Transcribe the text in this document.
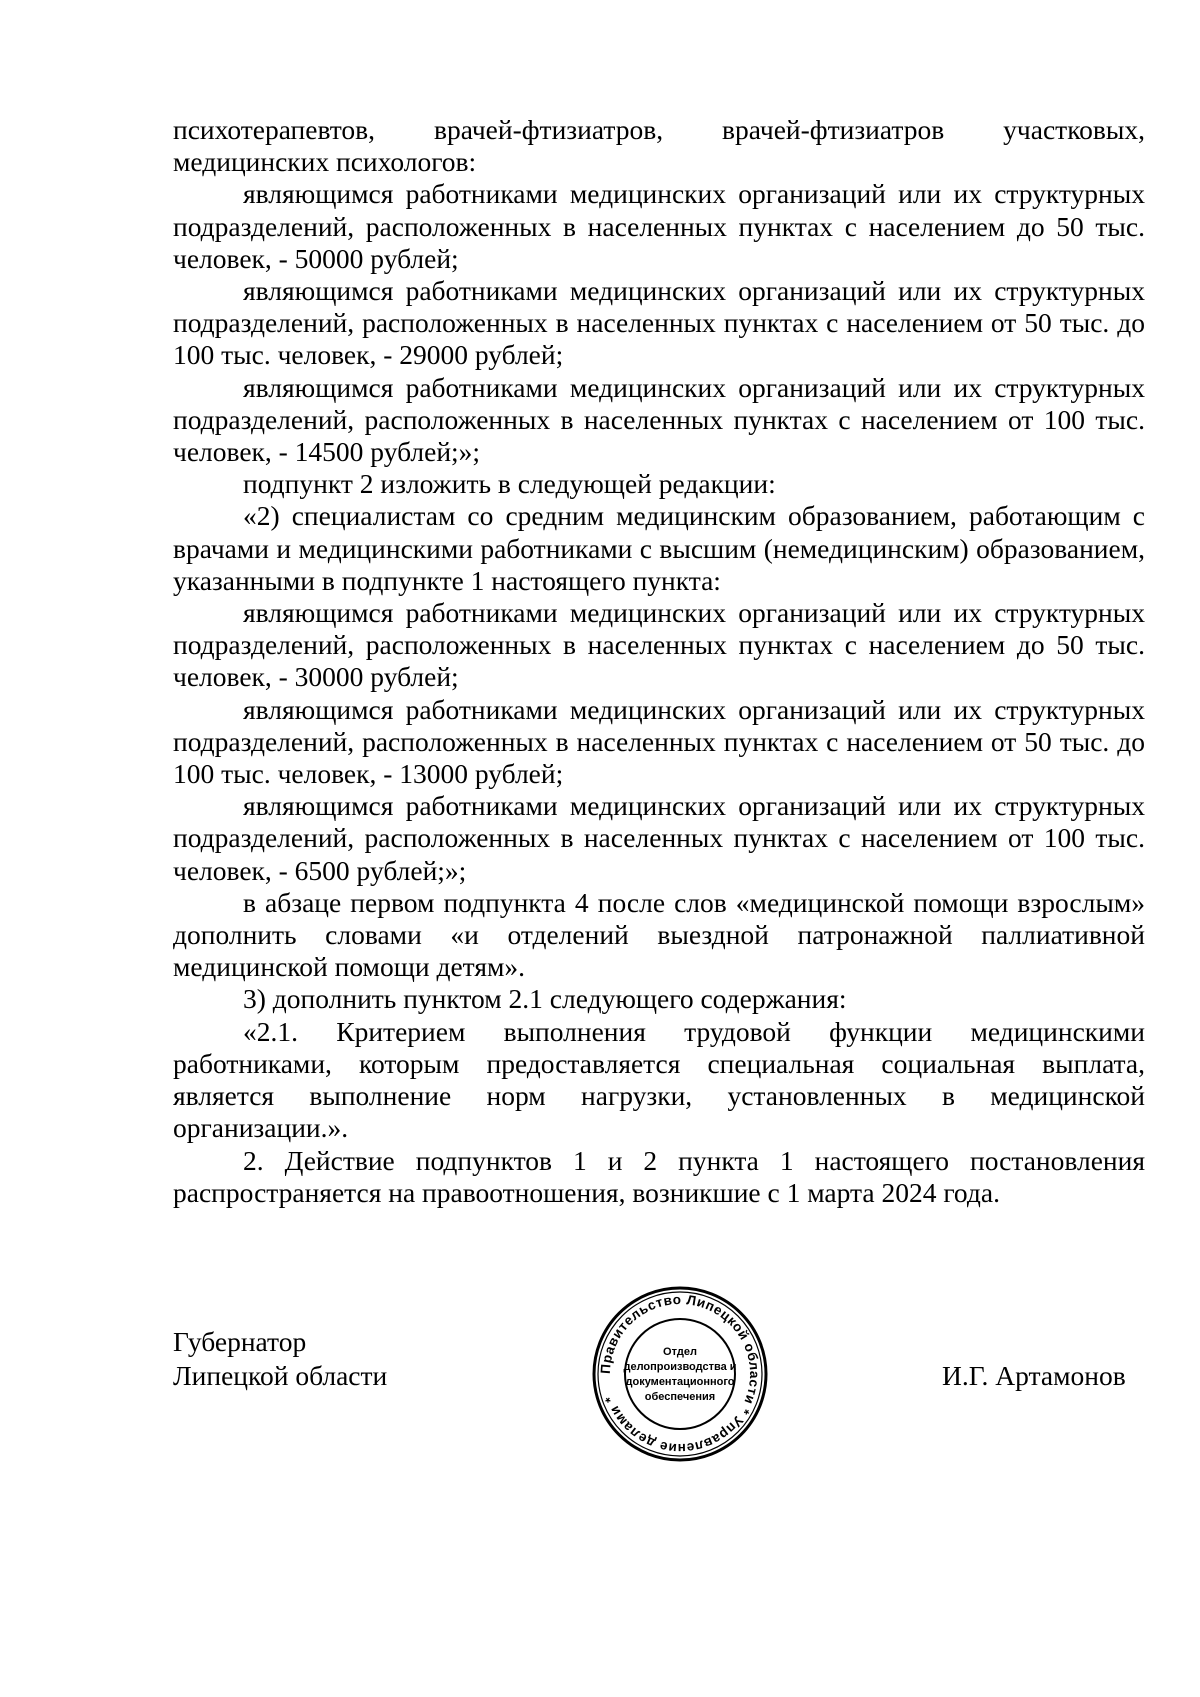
психотерапевтов, врачей-фтизиатров, врачей-фтизиатров участковых, медицинских психологов:

являющимся работниками медицинских организаций или их структурных подразделений, расположенных в населенных пунктах с населением до 50 тыс. человек, - 50000 рублей;

являющимся работниками медицинских организаций или их структурных подразделений, расположенных в населенных пунктах с населением от 50 тыс. до 100 тыс. человек, - 29000 рублей;

являющимся работниками медицинских организаций или их структурных подразделений, расположенных в населенных пунктах с населением от 100 тыс. человек, - 14500 рублей;»;

подпункт 2 изложить в следующей редакции:

«2) специалистам со средним медицинским образованием, работающим с врачами и медицинскими работниками с высшим (немедицинским) образованием, указанными в подпункте 1 настоящего пункта:

являющимся работниками медицинских организаций или их структурных подразделений, расположенных в населенных пунктах с населением до 50 тыс. человек, - 30000 рублей;

являющимся работниками медицинских организаций или их структурных подразделений, расположенных в населенных пунктах с населением от 50 тыс. до 100 тыс. человек, - 13000 рублей;

являющимся работниками медицинских организаций или их структурных подразделений, расположенных в населенных пунктах с населением от 100 тыс. человек, - 6500 рублей;»;

в абзаце первом подпункта 4 после слов «медицинской помощи взрослым» дополнить словами «и отделений выездной патронажной паллиативной медицинской помощи детям».

3) дополнить пунктом 2.1 следующего содержания:

«2.1. Критерием выполнения трудовой функции медицинскими работниками, которым предоставляется специальная социальная выплата, является выполнение норм нагрузки, установленных в медицинской организации.».

2. Действие подпунктов 1 и 2 пункта 1 настоящего постановления распространяется на правоотношения, возникшие с 1 марта 2024 года.

Губернатор
Липецкой области	Правительство Липецкой области * Управление делами *
Отдел
делопроизводства и
документационного
обеспечения
И.Г. Артамонов
